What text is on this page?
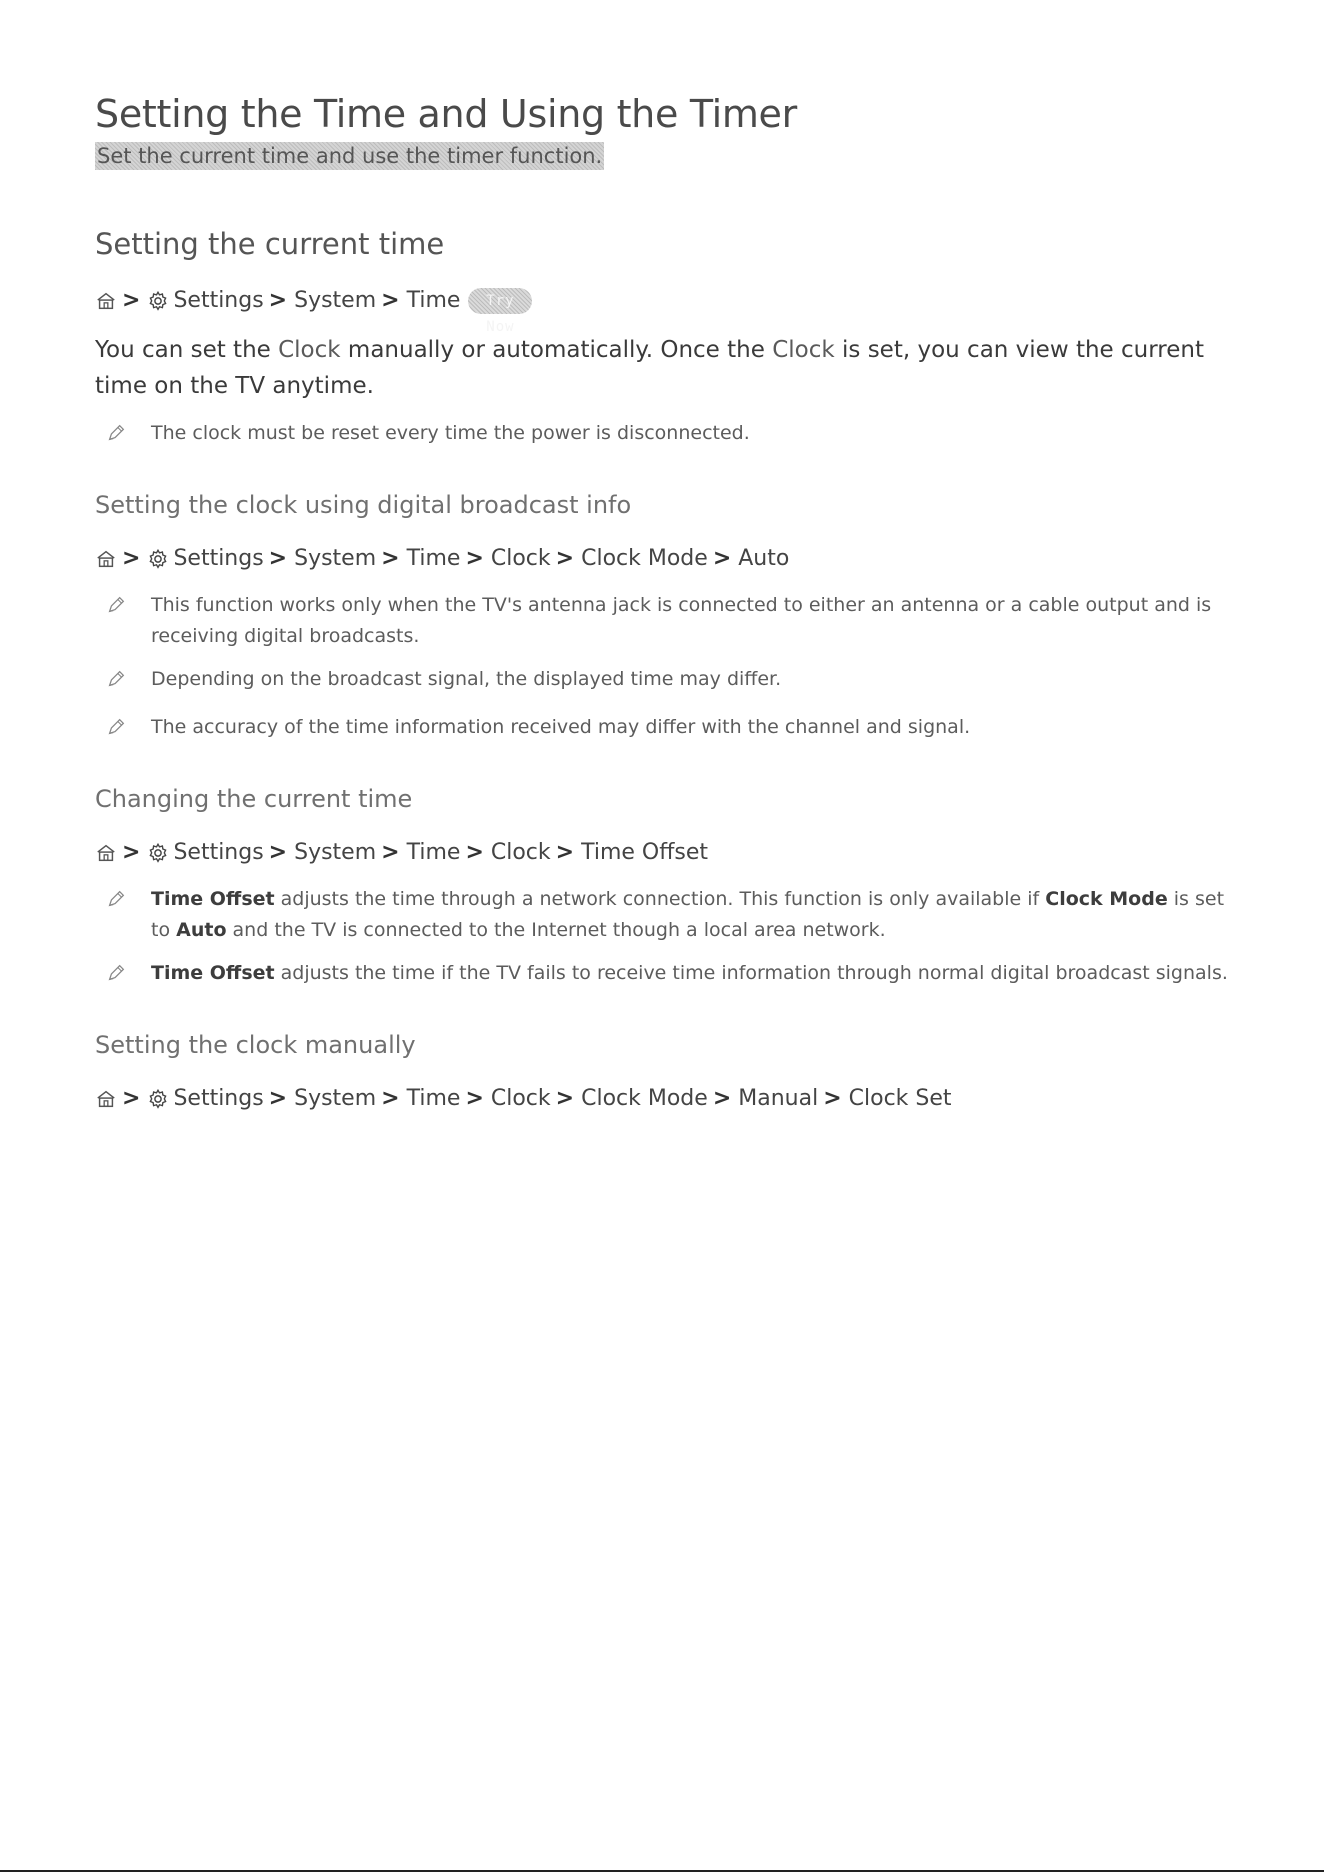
Setting the Time and Using the Timer
Set the current time and use the timer function.
Setting the current time
> Settings > System > Time	Try Now

You can set the Clock manually or automatically. Once the Clock is set, you can view the current time on the TV anytime.

The clock must be reset every time the power is disconnected.
Setting the clock using digital broadcast info
> Settings > System > Time > Clock > Clock Mode > Auto
This function works only when the TV's antenna jack is connected to either an antenna or a cable output and is receiving digital broadcasts.
Depending on the broadcast signal, the displayed time may differ.
The accuracy of the time information received may differ with the channel and signal.
Changing the current time
> Settings > System > Time > Clock > Time Offset
Time Offset adjusts the time through a network connection. This function is only available if Clock Mode is set to Auto and the TV is connected to the Internet though a local area network.
Time Offset adjusts the time if the TV fails to receive time information through normal digital broadcast signals.
Setting the clock manually
> Settings > System > Time > Clock > Clock Mode > Manual > Clock Set
